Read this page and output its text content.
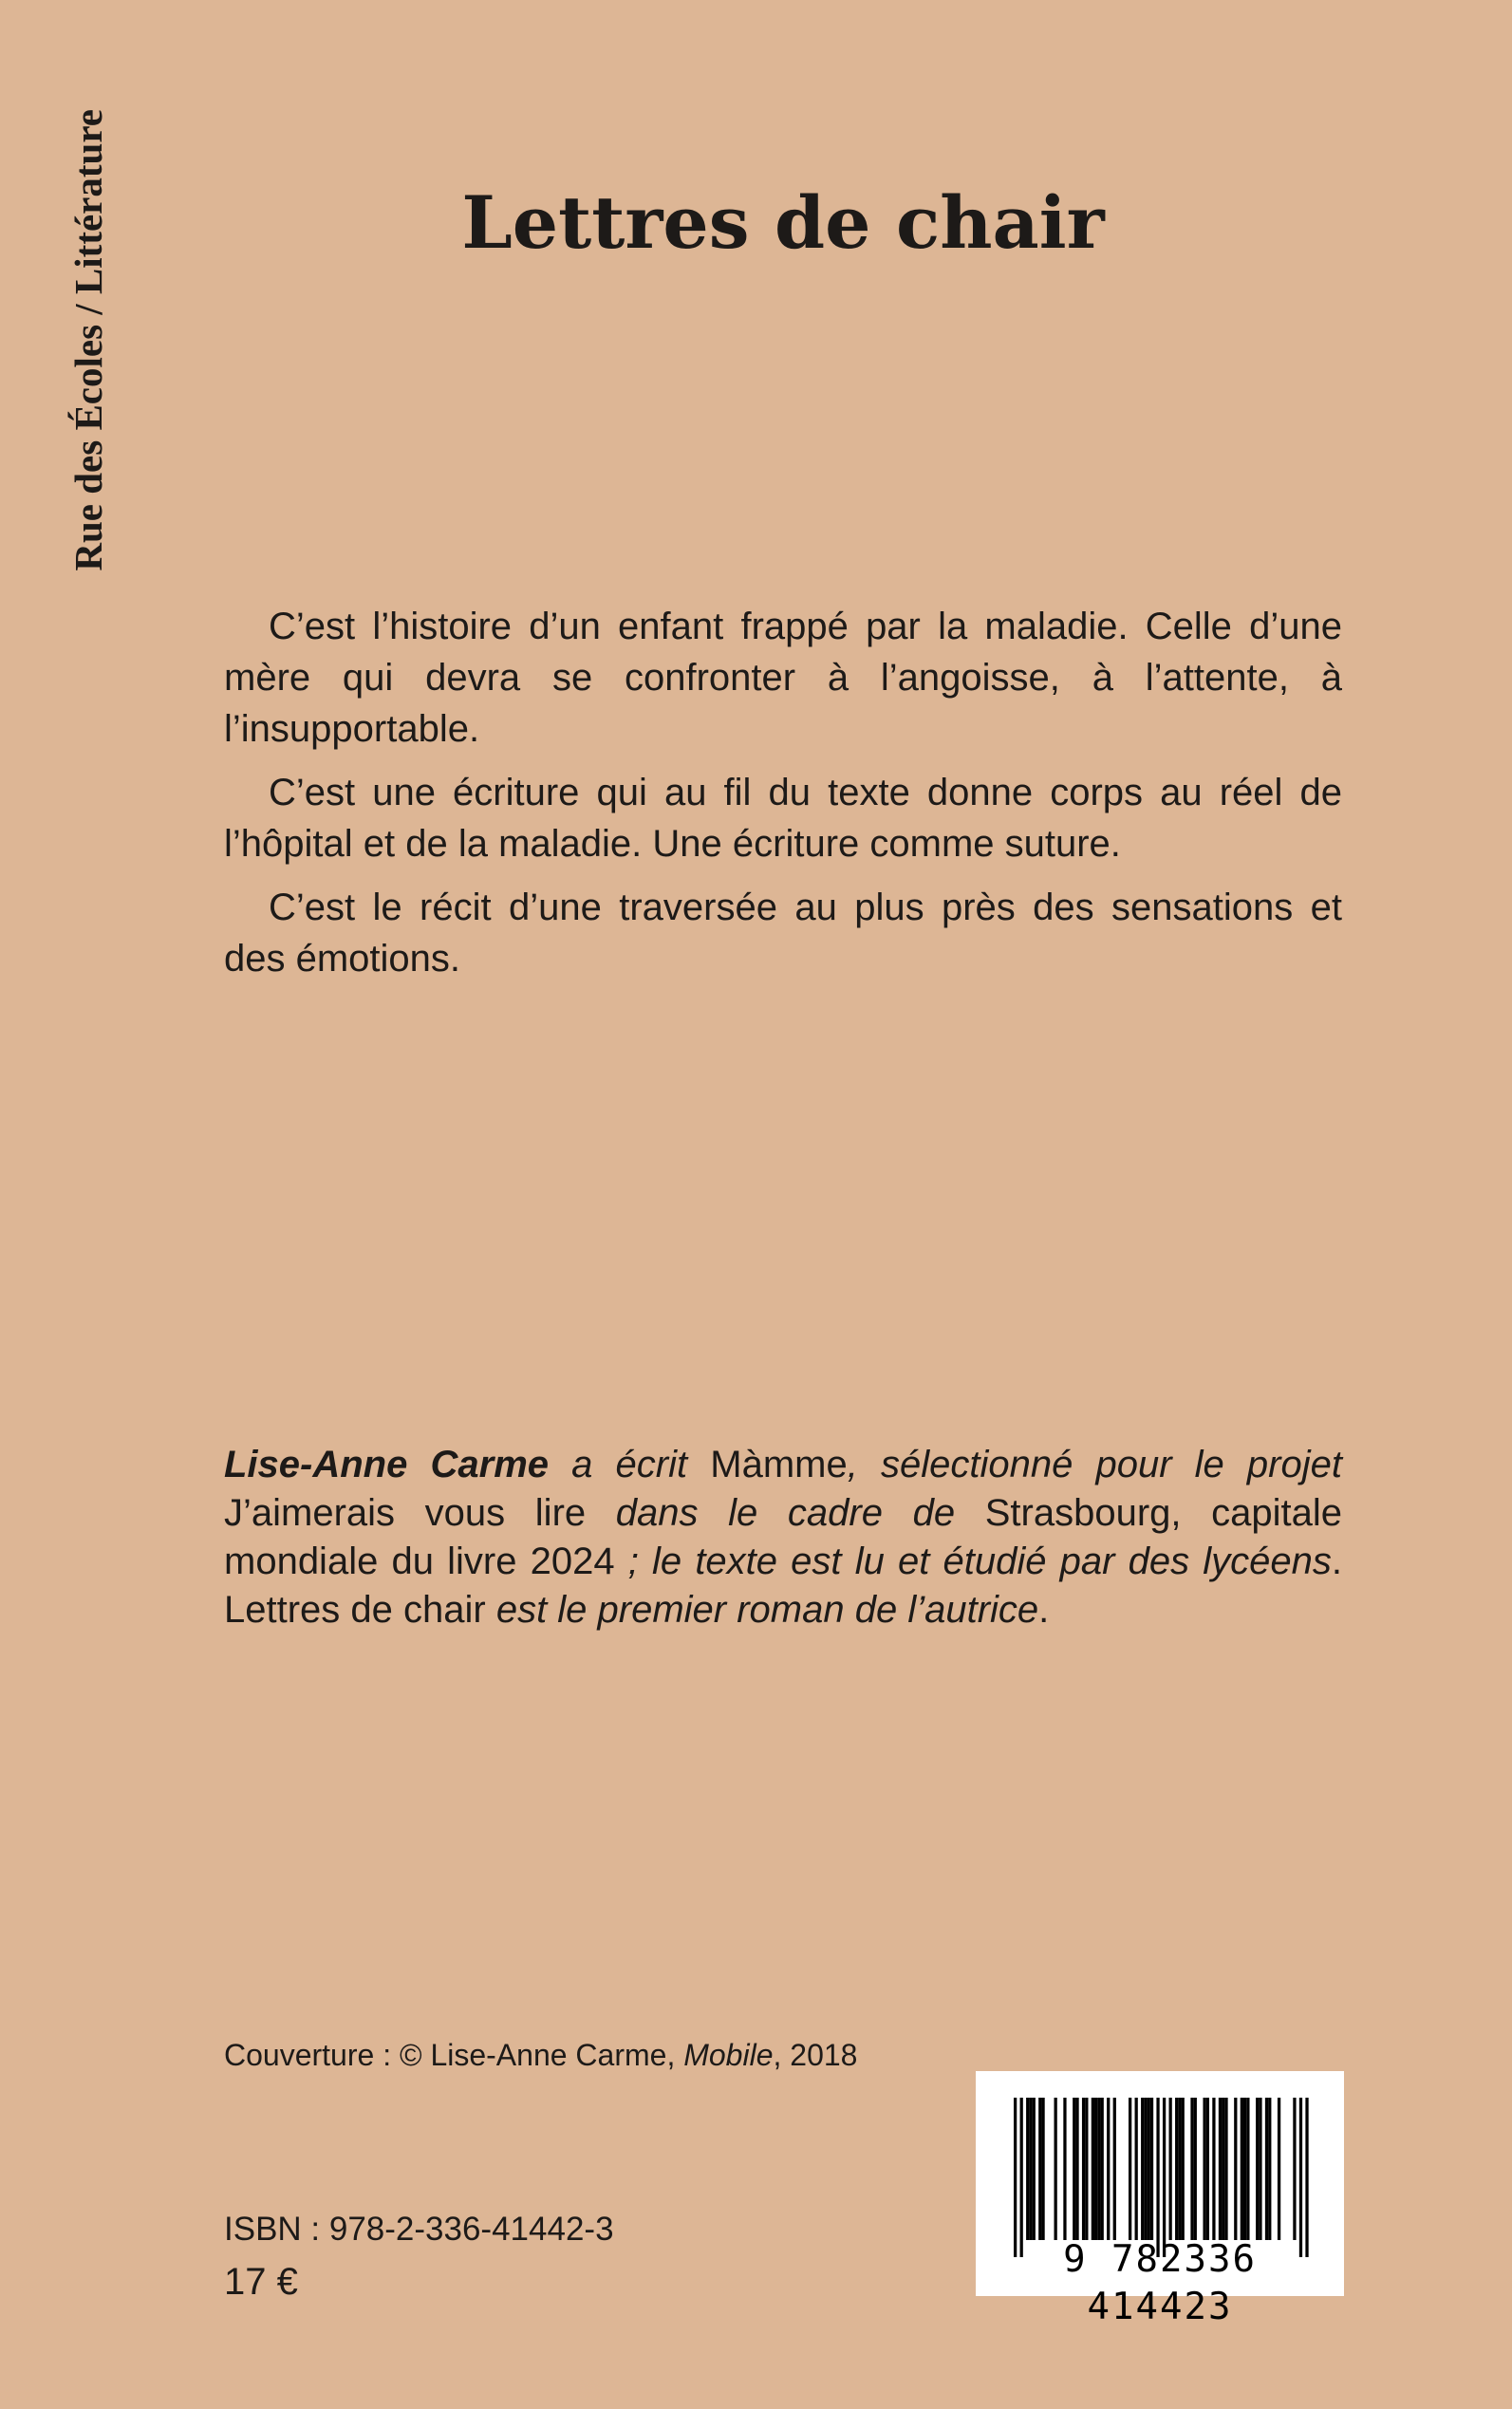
Rue des Écoles / Littérature	Lettres de chair

C’est l’histoire d’un enfant frappé par la maladie. Celle d’une mère qui devra se confronter à l’angoisse, à l’attente, à l’insupportable.

C’est une écriture qui au fil du texte donne corps au réel de l’hôpital et de la maladie. Une écriture comme suture.

C’est le récit d’une traversée au plus près des sensations et des émotions.

Lise-Anne Carme a écrit Màmme, sélectionné pour le projet J’aimerais vous lire dans le cadre de Strasbourg, capitale mondiale du livre 2024 ; le texte est lu et étudié par des lycéens. Lettres de chair est le premier roman de l’autrice.

Couverture : © Lise-Anne Carme, Mobile, 2018
ISBN : 978-2-336-41442-3
17 €
9 782336 414423
